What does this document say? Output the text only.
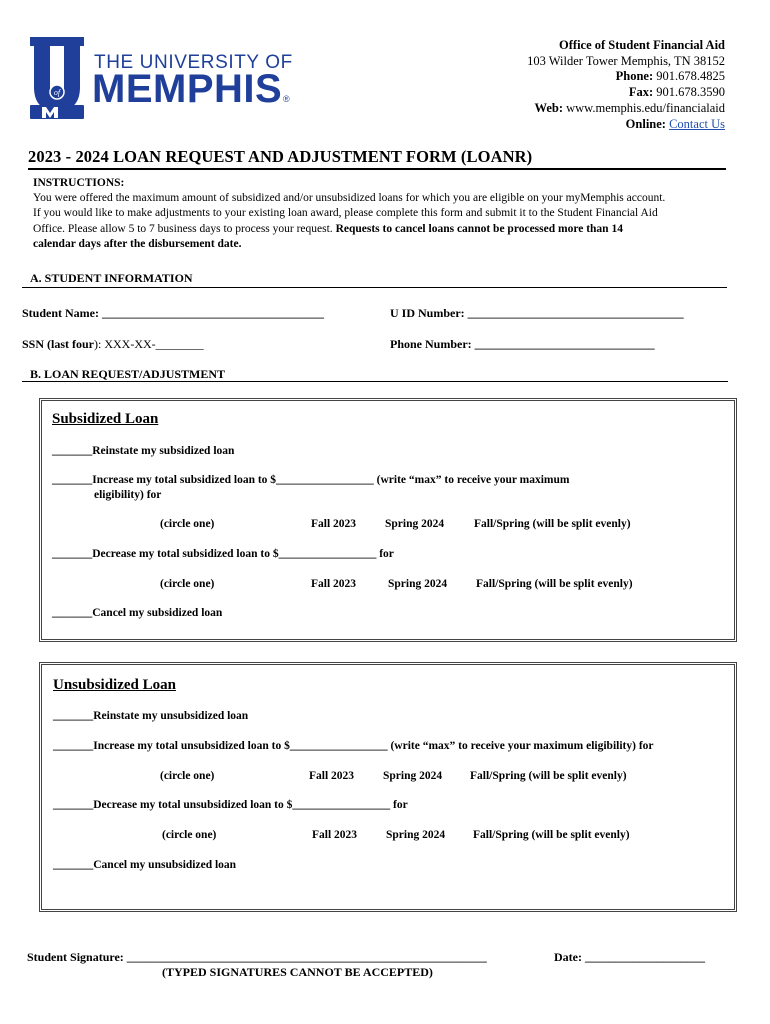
of
THE UNIVERSITY OF
MEMPHIS ®
Office of Student Financial Aid
103 Wilder Tower Memphis, TN 38152
Phone: 901.678.4825
Fax: 901.678.3590
Web: www.memphis.edu/financialaid
Online: Contact Us
2023 - 2024 LOAN REQUEST AND ADJUSTMENT FORM (LOANR)
INSTRUCTIONS:
You were offered the maximum amount of subsidized and/or unsubsidized loans for which you are eligible on your myMemphis account.
If you would like to make adjustments to your existing loan award, please complete this form and submit it to the Student Financial Aid
Office. Please allow 5 to 7 business days to process your request. Requests to cancel loans cannot be processed more than 14
calendar days after the disbursement date.
A. STUDENT INFORMATION
Student Name: _____________________________________	U ID Number: ____________________________________
SSN (last four): XXX-XX-________	Phone Number: ______________________________
B. LOAN REQUEST/ADJUSTMENT
Subsidized Loan
_______Reinstate my subsidized loan
_______Increase my total subsidized loan to $_________________ (write “max” to receive your maximum
eligibility) for
(circle one)	Fall 2023	Spring 2024	Fall/Spring (will be split evenly)
_______Decrease my total subsidized loan to $_________________ for
(circle one)	Fall 2023	Spring 2024	Fall/Spring (will be split evenly)
_______Cancel my subsidized loan
Unsubsidized Loan
_______Reinstate my unsubsidized loan
_______Increase my total unsubsidized loan to $_________________ (write “max” to receive your maximum eligibility) for
(circle one)	Fall 2023	Spring 2024 Fall/Spring (will be split evenly)
_______Decrease my total unsubsidized loan to $_________________ for
(circle one)	Fall 2023	Spring 2024 Fall/Spring (will be split evenly)
_______Cancel my unsubsidized loan
Student Signature: ____________________________________________________________	Date: ____________________
(TYPED SIGNATURES CANNOT BE ACCEPTED)
